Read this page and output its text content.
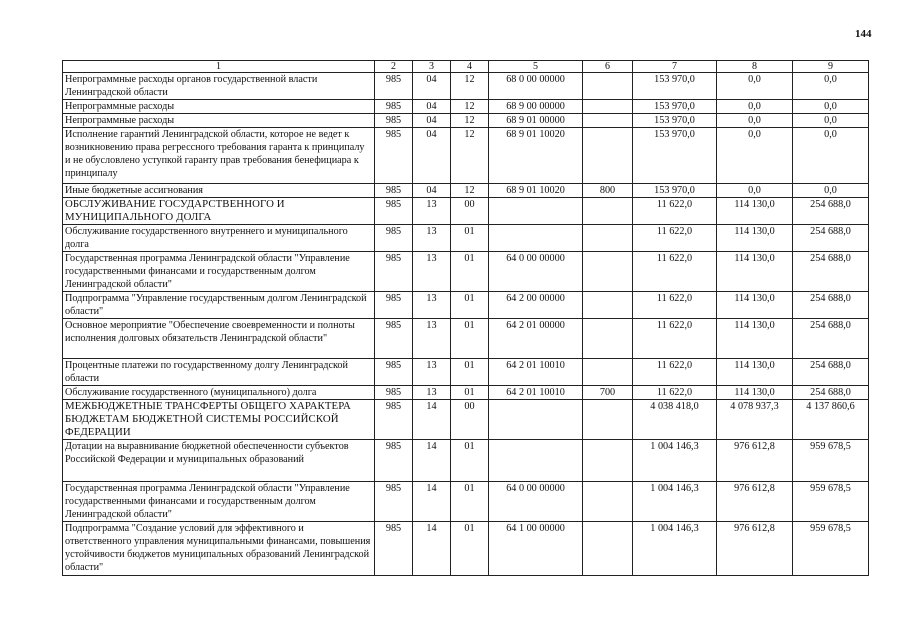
144
1	2	3	4	5	6	7	8	9
Непрограммные расходы органов государственной власти Ленинградской области	985	04	12	68 0 00 00000		153 970,0	0,0	0,0
Непрограммные расходы	985	04	12	68 9 00 00000		153 970,0	0,0	0,0
Непрограммные расходы	985	04	12	68 9 01 00000		153 970,0	0,0	0,0
Исполнение гарантий Ленинградской области, которое не ведет к возникновению права регрессного требования гаранта к принципалу и не обусловлено уступкой гаранту прав требования бенефициара к принципалу	985	04	12	68 9 01 10020		153 970,0	0,0	0,0
Иные бюджетные ассигнования	985	04	12	68 9 01 10020	800	153 970,0	0,0	0,0
ОБСЛУЖИВАНИЕ ГОСУДАРСТВЕННОГО И МУНИЦИПАЛЬНОГО ДОЛГА	985	13	00			11 622,0	114 130,0	254 688,0
Обслуживание государственного внутреннего и муниципального долга	985	13	01			11 622,0	114 130,0	254 688,0
Государственная программа Ленинградской области "Управление государственными финансами и государственным долгом Ленинградской области"	985	13	01	64 0 00 00000		11 622,0	114 130,0	254 688,0
Подпрограмма "Управление государственным долгом Ленинградской области"	985	13	01	64 2 00 00000		11 622,0	114 130,0	254 688,0
Основное мероприятие "Обеспечение своевременности и полноты исполнения долговых обязательств Ленинградской области"	985	13	01	64 2 01 00000		11 622,0	114 130,0	254 688,0
Процентные платежи по государственному долгу Ленинградской области	985	13	01	64 2 01 10010		11 622,0	114 130,0	254 688,0
Обслуживание государственного (муниципального) долга	985	13	01	64 2 01 10010	700	11 622,0	114 130,0	254 688,0
МЕЖБЮДЖЕТНЫЕ ТРАНСФЕРТЫ ОБЩЕГО ХАРАКТЕРА БЮДЖЕТАМ БЮДЖЕТНОЙ СИСТЕМЫ РОССИЙСКОЙ ФЕДЕРАЦИИ	985	14	00			4 038 418,0	4 078 937,3	4 137 860,6
Дотации на выравнивание бюджетной обеспеченности субъектов Российской Федерации и муниципальных образований	985	14	01			1 004 146,3	976 612,8	959 678,5
Государственная программа Ленинградской области "Управление государственными финансами и государственным долгом Ленинградской области"	985	14	01	64 0 00 00000		1 004 146,3	976 612,8	959 678,5
Подпрограмма "Создание условий для эффективного и ответственного управления муниципальными финансами, повышения устойчивости бюджетов муниципальных образований Ленинградской области"	985	14	01	64 1 00 00000		1 004 146,3	976 612,8	959 678,5
